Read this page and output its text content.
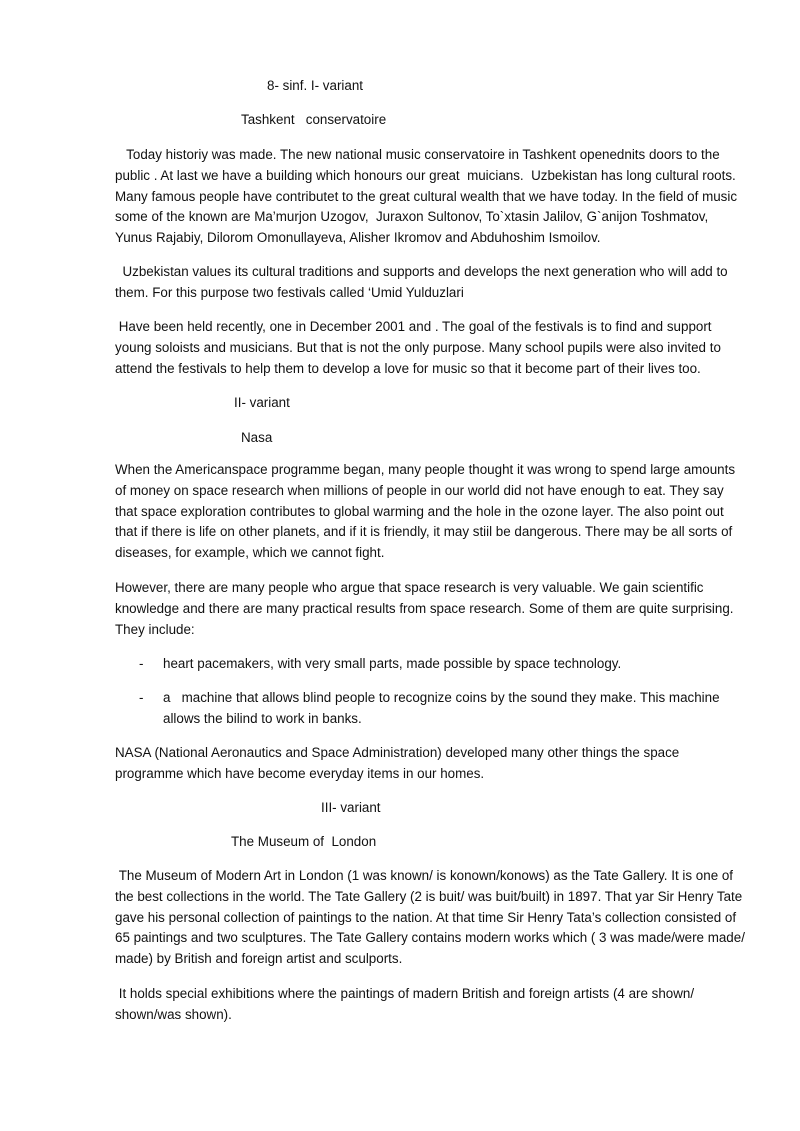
8- sinf. I- variant
Tashkent   conservatoire

Today historiy was made. The new national music conservatoire in Tashkent openednits doors to the public . At last we have a building which honours our great  muicians.  Uzbekistan has long cultural roots. Many famous people have contributet to the great cultural wealth that we have today. In the field of music some of the known are Ma’murjon Uzogov,  Juraxon Sultonov, To`xtasin Jalilov, G`anijon Toshmatov, Yunus Rajabiy, Dilorom Omonullayeva, Alisher Ikromov and Abduhoshim Ismoilov.

Uzbekistan values its cultural traditions and supports and develops the next generation who will add to them. For this purpose two festivals called ‘Umid Yulduzlari

Have been held recently, one in December 2001 and . The goal of the festivals is to find and support young soloists and musicians. But that is not the only purpose. Many school pupils were also invited to attend the festivals to help them to develop a love for music so that it become part of their lives too.

II- variant
Nasa

When the Americanspace programme began, many people thought it was wrong to spend large amounts of money on space research when millions of people in our world did not have enough to eat. They say that space exploration contributes to global warming and the hole in the ozone layer. The also point out that if there is life on other planets, and if it is friendly, it may stiil be dangerous. There may be all sorts of diseases, for example, which we cannot fight.

However, there are many people who argue that space research is very valuable. We gain scientific knowledge and there are many practical results from space research. Some of them are quite surprising. They include:

- heart pacemakers, with very small parts, made possible by space technology.
- a   machine that allows blind people to recognize coins by the sound they make. This machine allows the bilind to work in banks.

NASA (National Aeronautics and Space Administration) developed many other things the space programme which have become everyday items in our homes.

III- variant
The Museum of  London

The Museum of Modern Art in London (1 was known/ is konown/konows) as the Tate Gallery. It is one of the best collections in the world. The Tate Gallery (2 is buit/ was buit/built) in 1897. That yar Sir Henry Tate gave his personal collection of paintings to the nation. At that time Sir Henry Tata’s collection consisted of 65 paintings and two sculptures. The Tate Gallery contains modern works which ( 3 was made/were made/ made) by British and foreign artist and sculports.

It holds special exhibitions where the paintings of madern British and foreign artists (4 are shown/ shown/was shown).
